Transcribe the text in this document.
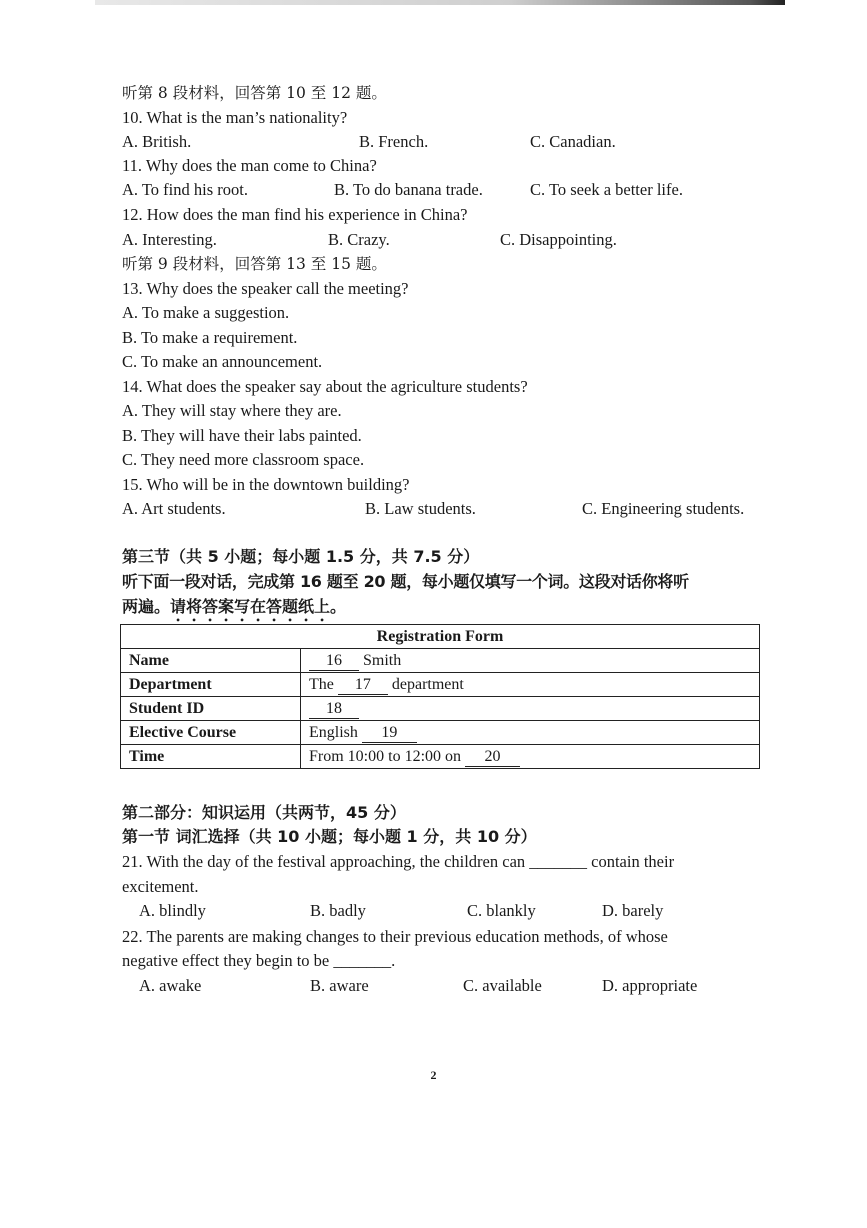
听第 8 段材料，回答第 10 至 12 题。
10. What is the man’s nationality?
A. British.	B. French.	C. Canadian.
11. Why does the man come to China?
A. To find his root.	B. To do banana trade.	C. To seek a better life.
12. How does the man find his experience in China?
A. Interesting.	B. Crazy.	C. Disappointing.
听第 9 段材料，回答第 13 至 15 题。
13. Why does the speaker call the meeting?
A. To make a suggestion.
B. To make a requirement.
C. To make an announcement.
14. What does the speaker say about the agriculture students?
A. They will stay where they are.
B. They will have their labs painted.
C. They need more classroom space.
15. Who will be in the downtown building?
A. Art students.	B. Law students.	C. Engineering students.
第三节（共 5 小题；每小题 1.5 分，共 7.5 分）
听下面一段对话，完成第 16 题至 20 题，每小题仅填写一个词。这段对话你将听
两遍。请将答案写在答题纸上。
Registration Form	
Name	16 Smith
Department	The 17 department
Student ID	18
Elective Course	English 19
Time	From 10:00 to 12:00 on 20
第二部分：知识运用（共两节，45 分）
第一节 词汇选择（共 10 小题；每小题 1 分，共 10 分）
21. With the day of the festival approaching, the children can _______ contain their
excitement.
A. blindly	B. badly	C. blankly	D. barely
22. The parents are making changes to their previous education methods, of whose
negative effect they begin to be _______.
A. awake	B. aware	C. available	D. appropriate
2
